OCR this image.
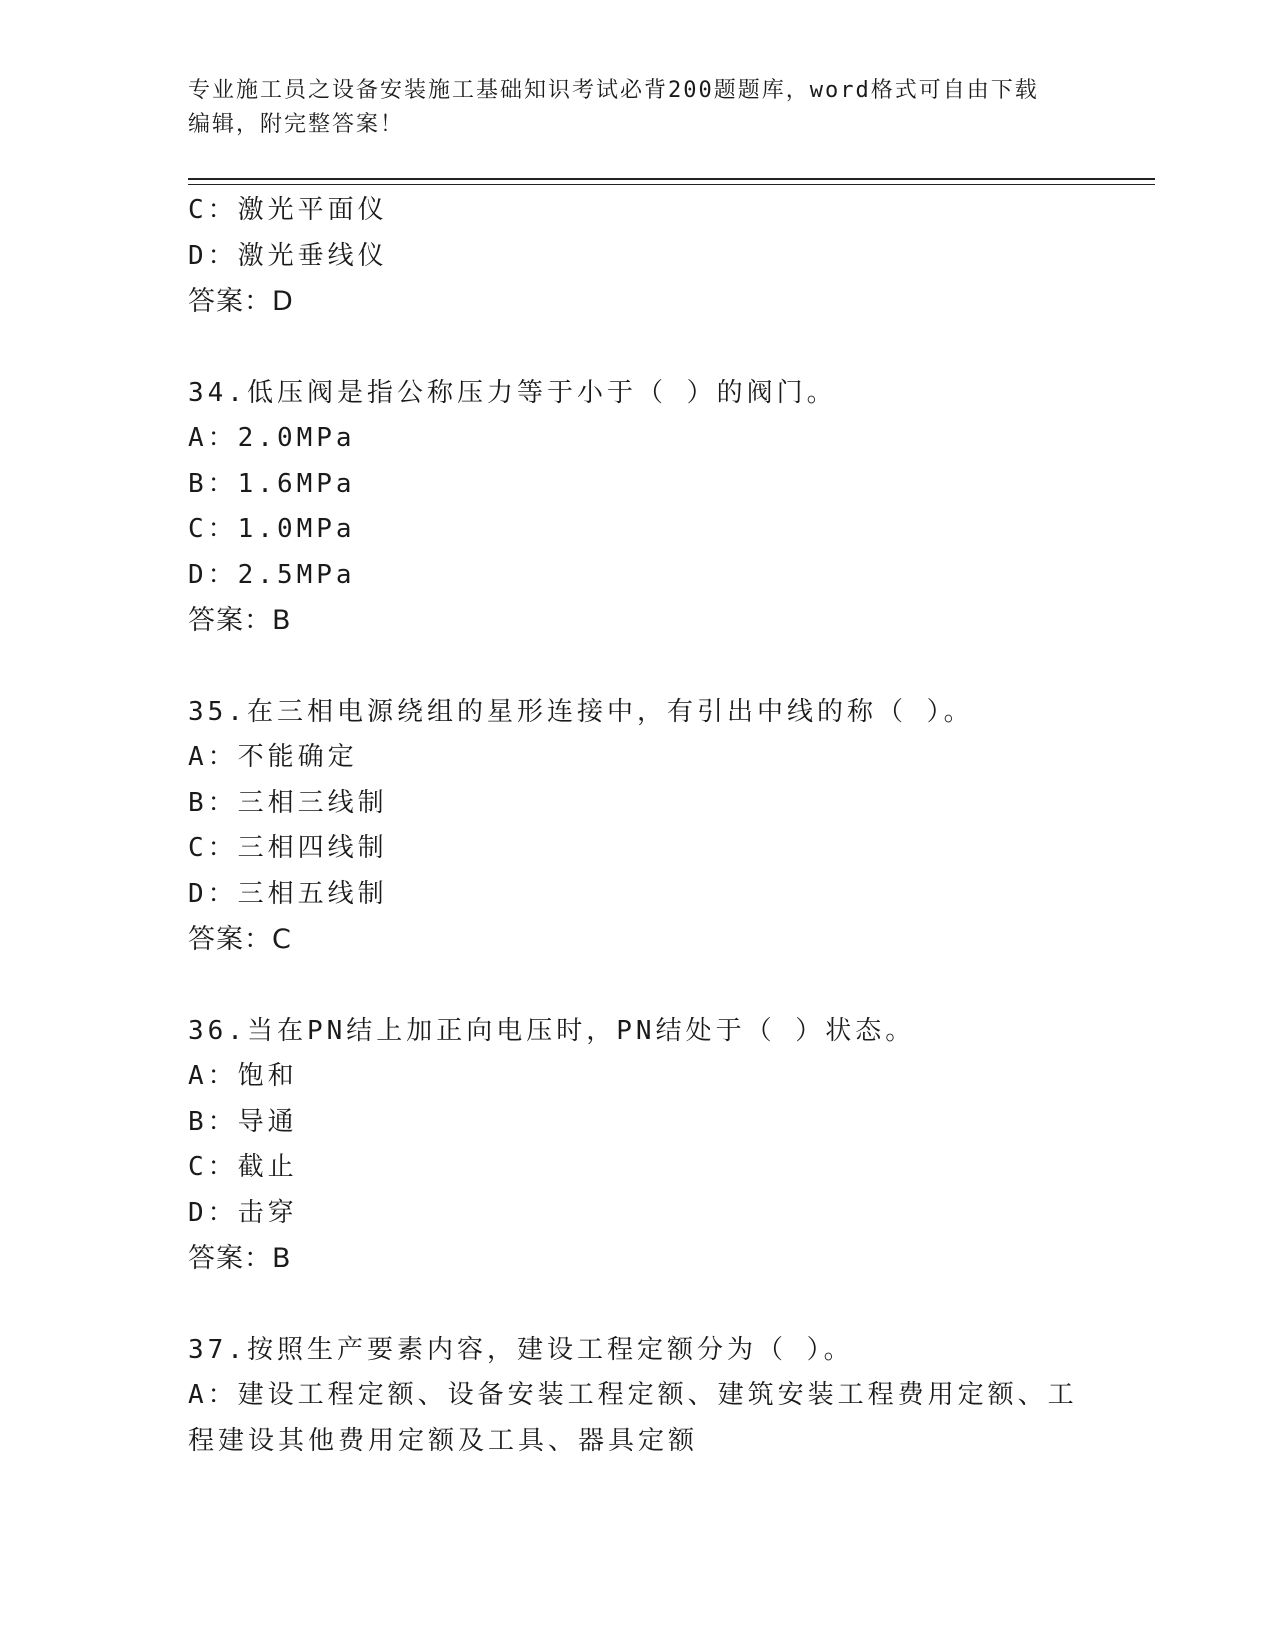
专业施工员之设备安装施工基础知识考试必背200题题库，word格式可自由下载
编辑，附完整答案！
C：激光平面仪
D：激光垂线仪
答案：D
34.低压阀是指公称压力等于小于（ ）的阀门。
A：2.0MPa
B：1.6MPa
C：1.0MPa
D：2.5MPa
答案：B
35.在三相电源绕组的星形连接中，有引出中线的称（ ）。
A：不能确定
B：三相三线制
C：三相四线制
D：三相五线制
答案：C
36.当在PN结上加正向电压时，PN结处于（ ）状态。
A：饱和
B：导通
C：截止
D：击穿
答案：B
37.按照生产要素内容，建设工程定额分为（ ）。
A：建设工程定额、设备安装工程定额、建筑安装工程费用定额、工程建设其他费用定额及工具、器具定额
